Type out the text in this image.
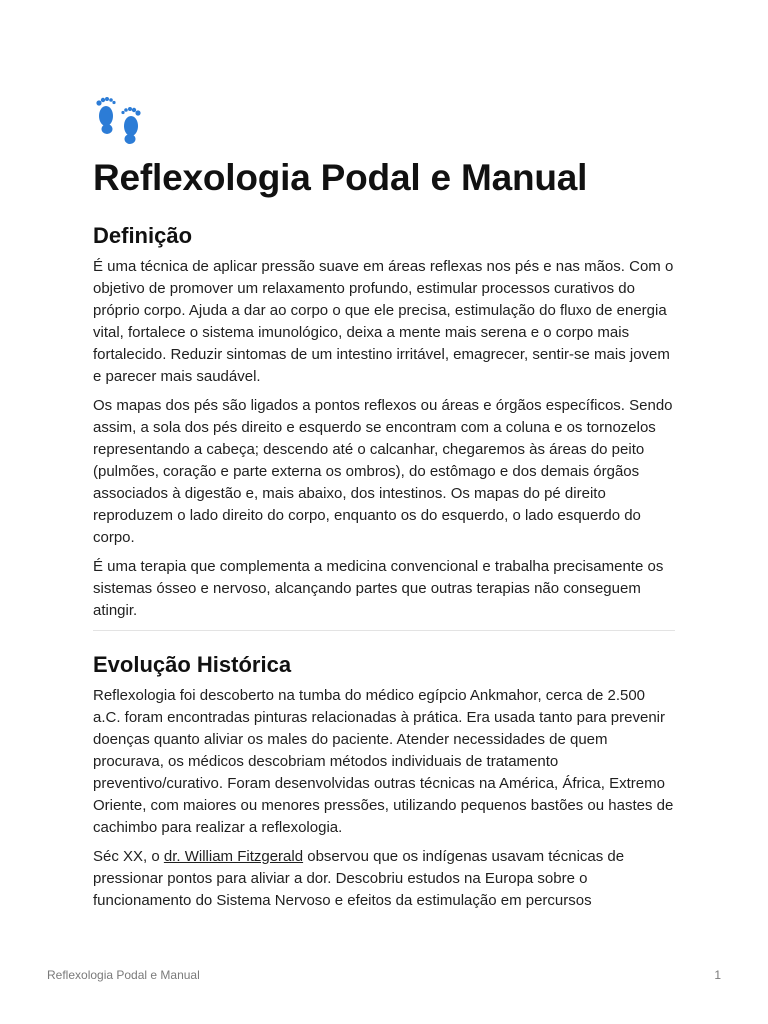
Reflexologia Podal e Manual
Definição

É uma técnica de aplicar pressão suave em áreas reflexas nos pés e nas mãos. Com o objetivo de promover um relaxamento profundo, estimular processos curativos do próprio corpo. Ajuda a dar ao corpo o que ele precisa, estimulação do fluxo de energia vital, fortalece o sistema imunológico, deixa a mente mais serena e o corpo mais fortalecido. Reduzir sintomas de um intestino irritável, emagrecer, sentir-se mais jovem e parecer mais saudável.

Os mapas dos pés são ligados a pontos reflexos ou áreas e órgãos específicos. Sendo assim, a sola dos pés direito e esquerdo se encontram com a coluna e os tornozelos representando a cabeça; descendo até o calcanhar, chegaremos às áreas do peito (pulmões, coração e parte externa os ombros), do estômago e dos demais órgãos associados à digestão e, mais abaixo, dos intestinos. Os mapas do pé direito reproduzem o lado direito do corpo, enquanto os do esquerdo, o lado esquerdo do corpo.

É uma terapia que complementa a medicina convencional e trabalha precisamente os sistemas ósseo e nervoso, alcançando partes que outras terapias não conseguem atingir.

Evolução Histórica

Reflexologia foi descoberto na tumba do médico egípcio Ankmahor, cerca de 2.500 a.C. foram encontradas pinturas relacionadas à prática. Era usada tanto para prevenir doenças quanto aliviar os males do paciente. Atender necessidades de quem procurava, os médicos descobriam métodos individuais de tratamento preventivo/curativo. Foram desenvolvidas outras técnicas na América, África, Extremo Oriente, com maiores ou menores pressões, utilizando pequenos bastões ou hastes de cachimbo para realizar a reflexologia.

Séc XX, o dr. William Fitzgerald observou que os indígenas usavam técnicas de pressionar pontos para aliviar a dor. Descobriu estudos na Europa sobre o funcionamento do Sistema Nervoso e efeitos da estimulação em percursos

Reflexologia Podal e Manual	1
